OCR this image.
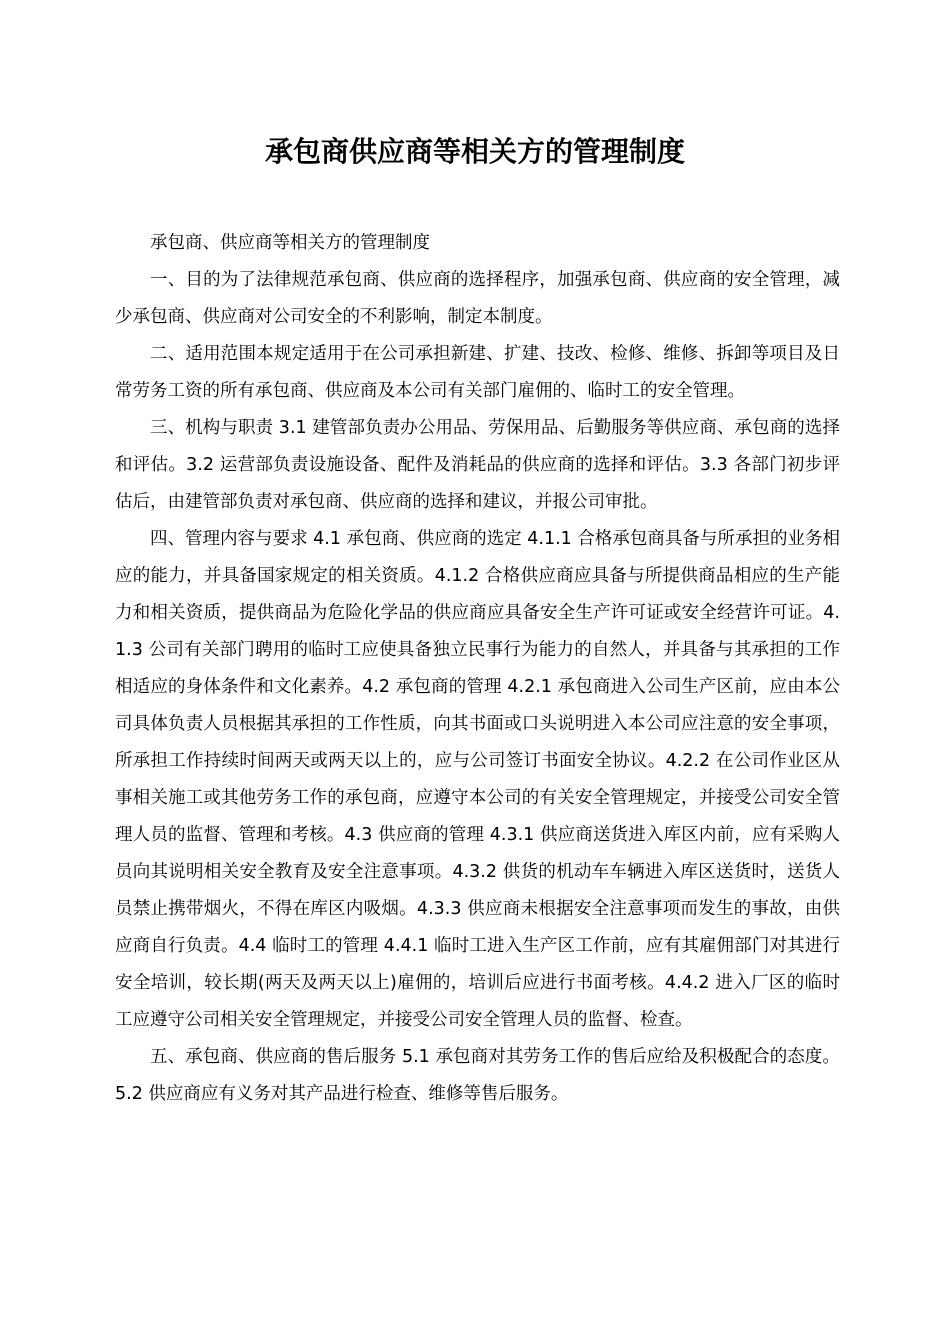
承包商供应商等相关方的管理制度

承包商、供应商等相关方的管理制度

一、目的为了法律规范承包商、供应商的选择程序，加强承包商、供应商的安全管理，减少承包商、供应商对公司安全的不利影响，制定本制度。

二、适用范围本规定适用于在公司承担新建、扩建、技改、检修、维修、拆卸等项目及日常劳务工资的所有承包商、供应商及本公司有关部门雇佣的、临时工的安全管理。

三、机构与职责 3.1 建管部负责办公用品、劳保用品、后勤服务等供应商、承包商的选择和评估。3.2 运营部负责设施设备、配件及消耗品的供应商的选择和评估。3.3 各部门初步评估后，由建管部负责对承包商、供应商的选择和建议，并报公司审批。

四、管理内容与要求 4.1 承包商、供应商的选定 4.1.1 合格承包商具备与所承担的业务相应的能力，并具备国家规定的相关资质。4.1.2 合格供应商应具备与所提供商品相应的生产能力和相关资质，提供商品为危险化学品的供应商应具备安全生产许可证或安全经营许可证。4.1.3 公司有关部门聘用的临时工应使具备独立民事行为能力的自然人，并具备与其承担的工作相适应的身体条件和文化素养。4.2 承包商的管理 4.2.1 承包商进入公司生产区前，应由本公司具体负责人员根据其承担的工作性质，向其书面或口头说明进入本公司应注意的安全事项，所承担工作持续时间两天或两天以上的，应与公司签订书面安全协议。4.2.2 在公司作业区从事相关施工或其他劳务工作的承包商，应遵守本公司的有关安全管理规定，并接受公司安全管理人员的监督、管理和考核。4.3 供应商的管理 4.3.1 供应商送货进入库区内前，应有采购人员向其说明相关安全教育及安全注意事项。4.3.2 供货的机动车车辆进入库区送货时，送货人员禁止携带烟火，不得在库区内吸烟。4.3.3 供应商未根据安全注意事项而发生的事故，由供应商自行负责。4.4 临时工的管理 4.4.1 临时工进入生产区工作前，应有其雇佣部门对其进行安全培训，较长期(两天及两天以上)雇佣的，培训后应进行书面考核。4.4.2 进入厂区的临时工应遵守公司相关安全管理规定，并接受公司安全管理人员的监督、检查。

五、承包商、供应商的售后服务 5.1 承包商对其劳务工作的售后应给及积极配合的态度。5.2 供应商应有义务对其产品进行检查、维修等售后服务。
